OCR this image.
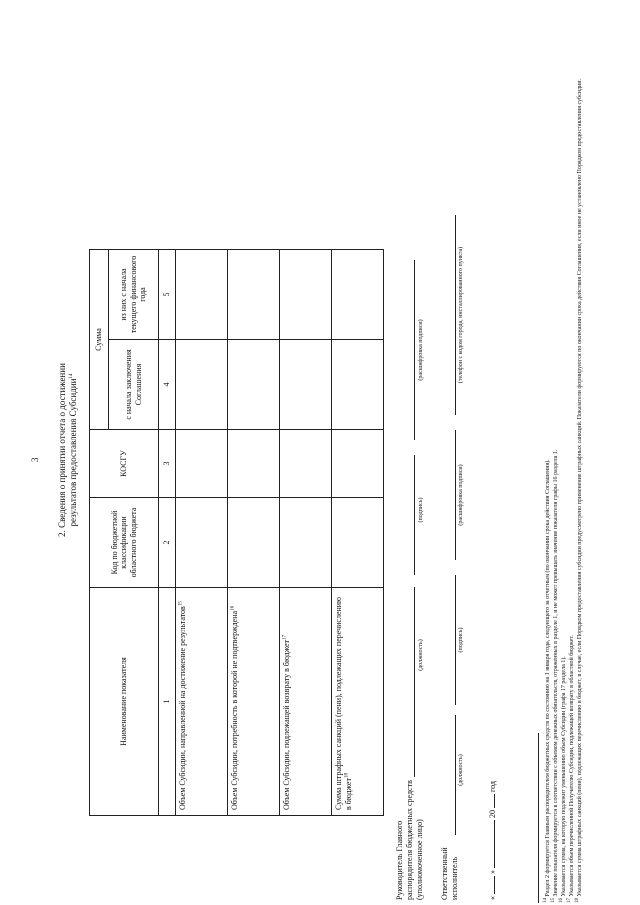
3 2. Сведения о принятии отчета о достижении результатов предоставления Субсидии$^{14}$
Наименование показателя	Код по бюджетной классификации областного бюджета	КОСГУ	Сумма	
			с начала заключения Соглашения	из них с начала текущего финансового года
1	2	3	4	5
Объем Субсидии, направленной на достижение результатов$^{15}$				
Объем Субсидии, потребность в которой не подтверждена$^{16}$				
Объем Субсидии, подлежащей возврату в бюджет$^{17}$				
Сумма штрафных санкций (пени), подлежащих перечислению в бюджет$^{18}$				
Руководитель Главного распорядителя бюджетных средств (уполномоченное лицо)
(должность)
(подпись)
(расшифровка подписи)
Ответственный исполнитель
(должность)
(подпись)
(расшифровка подписи)
(телефон с кодом города, инсталлированного пункта)
«  »  20  год
$^{14}$ Раздел 2 формируется Главным распорядителем бюджетных средств по состоянию на 1 января года, следующего за отчетным (по окончании срока действия Соглашения).
$^{15}$ Значение показателя формируется в соответствии с объемом денежных обязательств, отраженных в разделе 1, и не может превышать значение показателя графы 16 раздела 1.
$^{16}$ Указывается сумма, на которую подлежит уменьшению объем Субсидии (графа 17 раздела 1).
$^{17}$ Указывается объем перечисленной Получателю Субсидии, подлежащей возврату в областной бюджет.
$^{18}$ Указывается сумма штрафных санкций (пени), подлежащих перечислению в бюджет, в случае, если Порядком предоставления субсидии предусмотрено применение штрафных санкций. Показатели формируются по окончании срока действия Соглашения, если иное не установлено Порядком предоставления субсидии.
